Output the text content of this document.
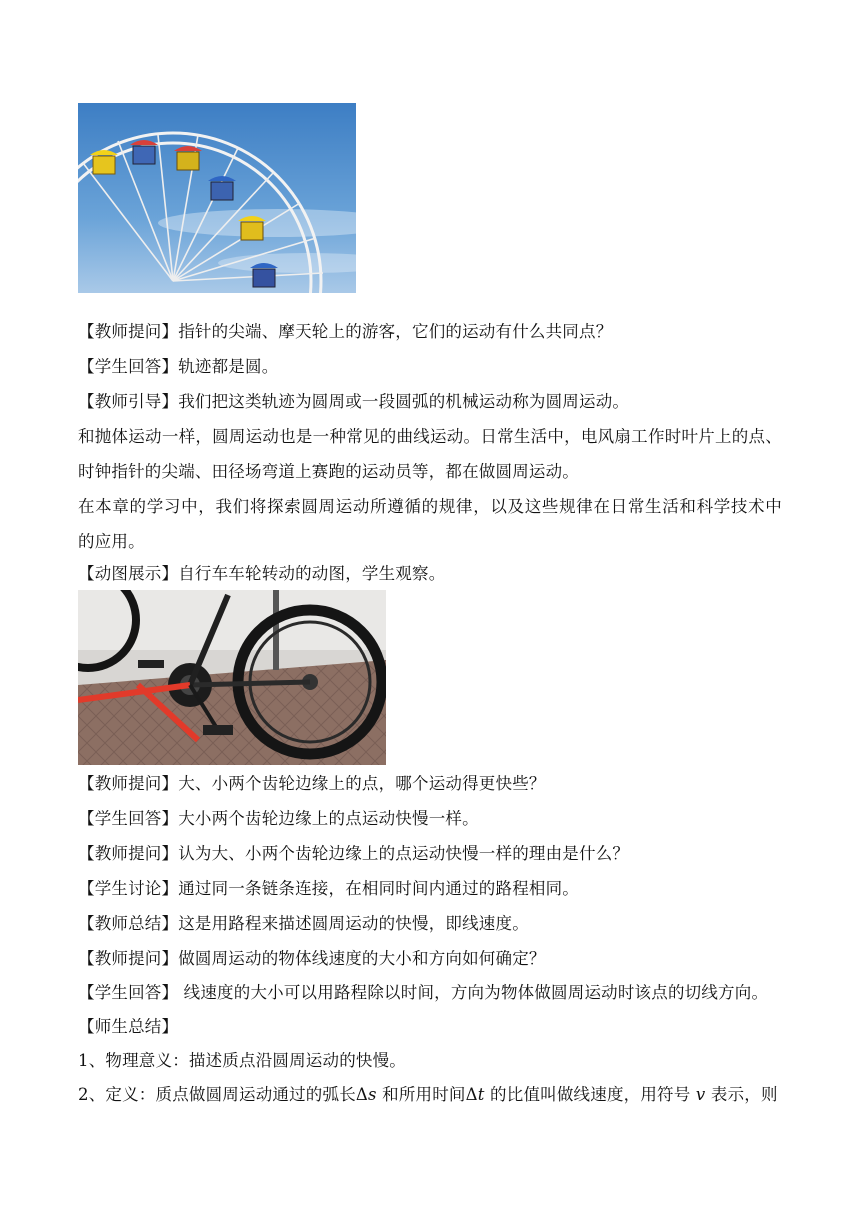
【教师提问】指针的尖端、摩天轮上的游客，它们的运动有什么共同点？
【学生回答】轨迹都是圆。
【教师引导】我们把这类轨迹为圆周或一段圆弧的机械运动称为圆周运动。
和抛体运动一样，圆周运动也是一种常见的曲线运动。日常生活中，电风扇工作时叶片上的点、
时钟指针的尖端、田径场弯道上赛跑的运动员等，都在做圆周运动。
在本章的学习中，我们将探索圆周运动所遵循的规律，以及这些规律在日常生活和科学技术中
的应用。
【动图展示】自行车车轮转动的动图，学生观察。
【教师提问】大、小两个齿轮边缘上的点，哪个运动得更快些？
【学生回答】大小两个齿轮边缘上的点运动快慢一样。
【教师提问】认为大、小两个齿轮边缘上的点运动快慢一样的理由是什么？
【学生讨论】通过同一条链条连接，在相同时间内通过的路程相同。
【教师总结】这是用路程来描述圆周运动的快慢，即线速度。
【教师提问】做圆周运动的物体线速度的大小和方向如何确定？
【学生回答】 线速度的大小可以用路程除以时间，方向为物体做圆周运动时该点的切线方向。
【师生总结】
1、物理意义：描述质点沿圆周运动的快慢。
2、定义：质点做圆周运动通过的弧长Δs 和所用时间Δt 的比值叫做线速度，用符号 v 表示，则
